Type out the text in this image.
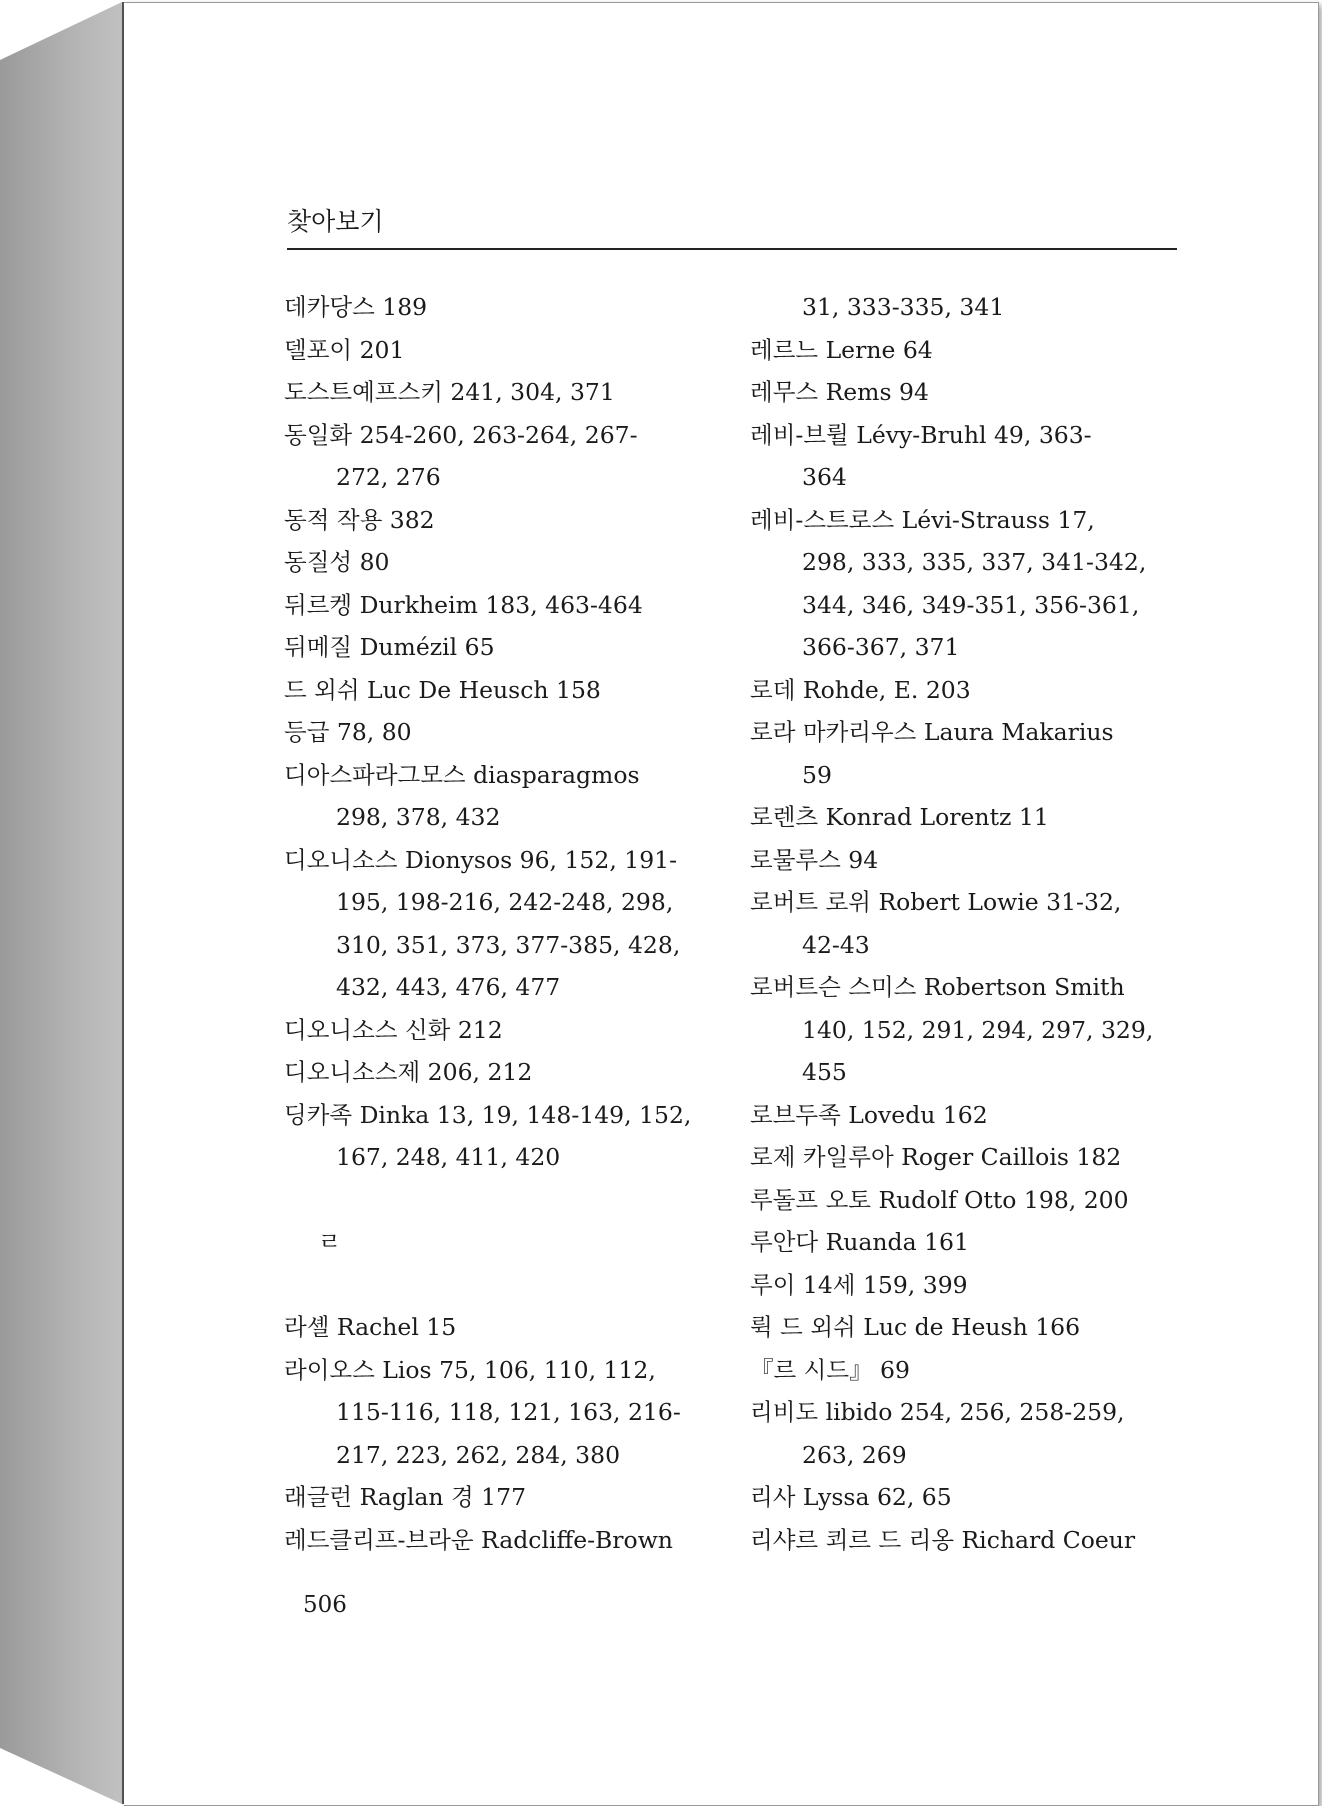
찾아보기
데카당스 189
델포이 201
도스트예프스키 241, 304, 371
동일화 254-260, 263-264, 267-
272, 276
동적 작용 382
동질성 80
뒤르켕 Durkheim 183, 463-464
뒤메질 Dumézil 65
드 외쉬 Luc De Heusch 158
등급 78, 80
디아스파라그모스 diasparagmos
298, 378, 432
디오니소스 Dionysos 96, 152, 191-
195, 198-216, 242-248, 298,
310, 351, 373, 377-385, 428,
432, 443, 476, 477
디오니소스 신화 212
디오니소스제 206, 212
딩카족 Dinka 13, 19, 148-149, 152,
167, 248, 411, 420
ㄹ
라셸 Rachel 15
라이오스 Lios 75, 106, 110, 112,
115-116, 118, 121, 163, 216-
217, 223, 262, 284, 380
래글런 Raglan 경 177
레드클리프-브라운 Radcliffe-Brown
31, 333-335, 341
레르느 Lerne 64
레무스 Rems 94
레비-브륄 Lévy-Bruhl 49, 363-
364
레비-스트로스 Lévi-Strauss 17,
298, 333, 335, 337, 341-342,
344, 346, 349-351, 356-361,
366-367, 371
로데 Rohde, E. 203
로라 마카리우스 Laura Makarius
59
로렌츠 Konrad Lorentz 11
로물루스 94
로버트 로위 Robert Lowie 31-32,
42-43
로버트슨 스미스 Robertson Smith
140, 152, 291, 294, 297, 329,
455
로브두족 Lovedu 162
로제 카일루아 Roger Caillois 182
루돌프 오토 Rudolf Otto 198, 200
루안다 Ruanda 161
루이 14세 159, 399
뤽 드 외쉬 Luc de Heush 166
『르 시드』 69
리비도 libido 254, 256, 258-259,
263, 269
리사 Lyssa 62, 65
리샤르 쾨르 드 리옹 Richard Coeur
506
